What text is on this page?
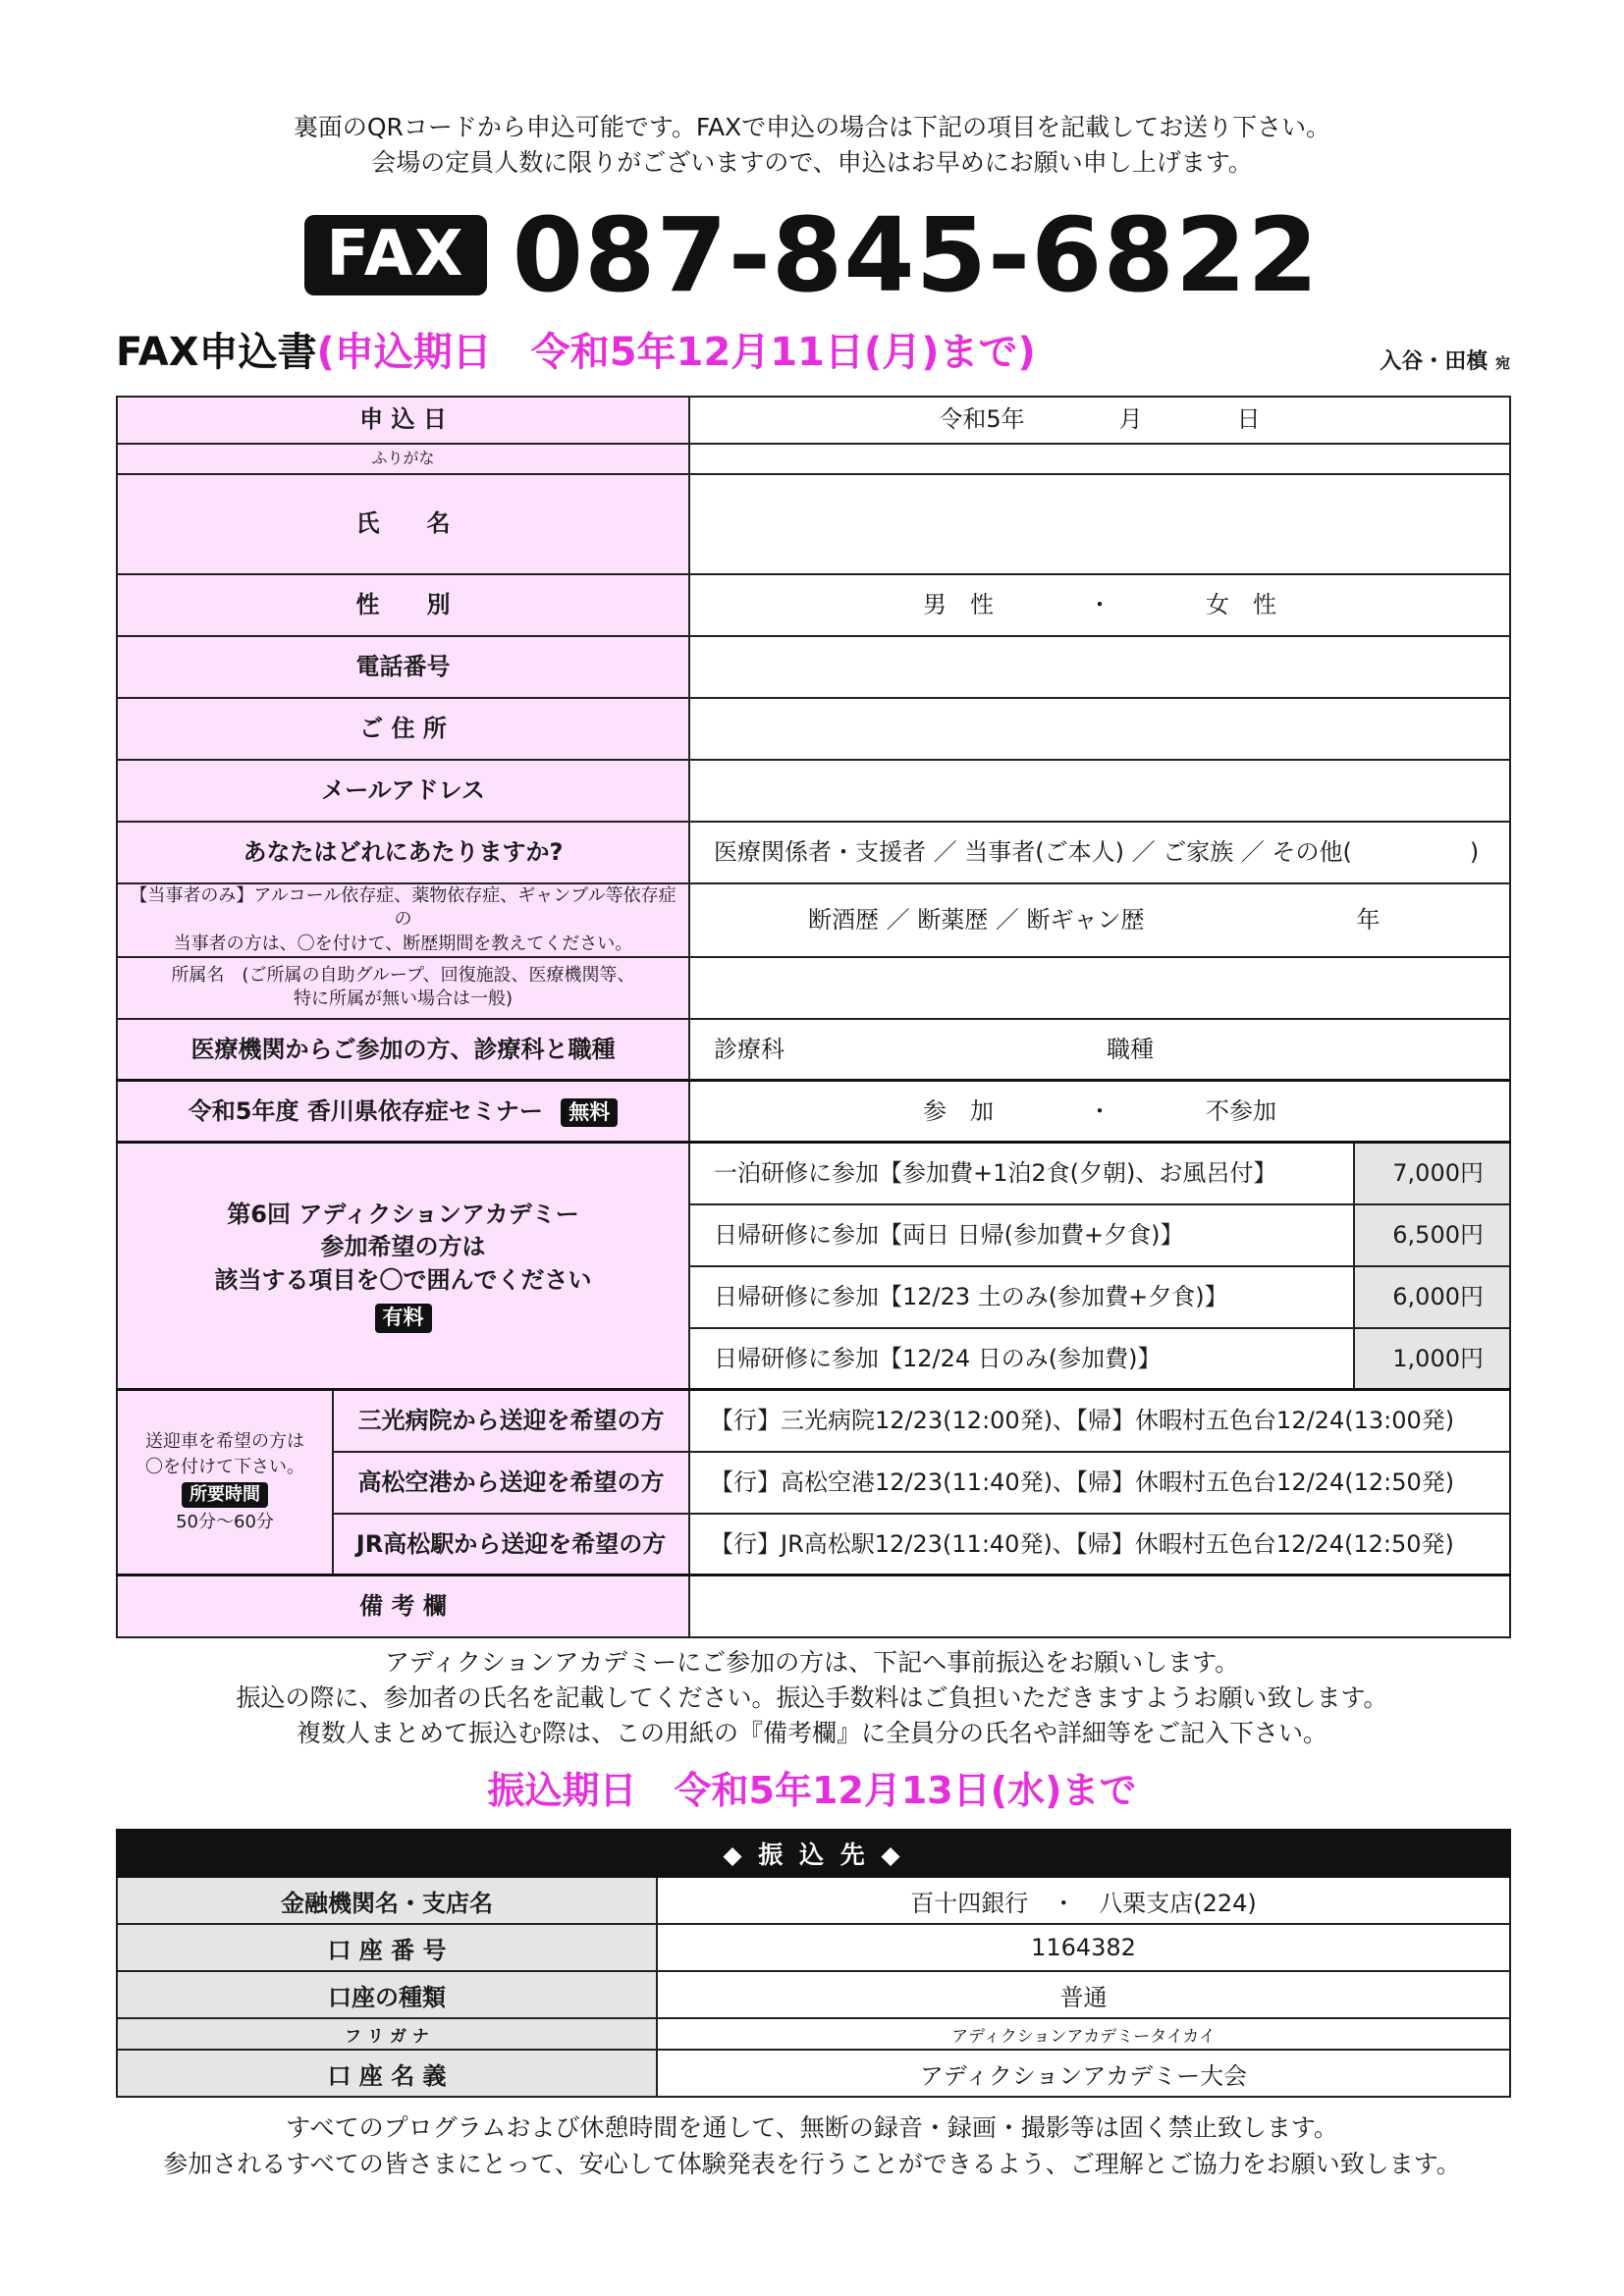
裏面のQRコードから申込可能です。FAXで申込の場合は下記の項目を記載してお送り下さい。
会場の定員人数に限りがございますので、申込はお早めにお願い申し上げます。
FAX 087-845-6822
FAX申込書(申込期日　令和5年12月11日(月)まで)	入谷・田槙 宛
申 込 日		令和5年　　　　月　　　　日	
ふりがな			
氏　　名			
性　　別		男　性　　　　・　　　　女　性	
電話番号			
ご 住 所			
メールアドレス			
あなたはどれにあたりますか?		医療関係者・支援者 ／ 当事者(ご本人) ／ ご家族 ／ その他(　　　　　)	

【当事者のみ】アルコール依存症、薬物依存症、ギャンブル等依存症の
当事者の方は、〇を付けて、断歴期間を教えてください。		断酒歴 ／ 断薬歴 ／ 断ギャン歴　　　　　　　　　年	

所属名　(ご所属の自助グループ、回復施設、医療機関等、
特に所属が無い場合は一般)			

医療機関からご参加の方、診療科と職種		診療科 職種	
令和5年度 香川県依存症セミナー 無料		参　加　　　　・　　　　不参加	

第6回 アディクションアカデミー
参加希望の方は
該当する項目を〇で囲んでください
有料		一泊研修に参加【参加費+1泊2食(夕朝)、お風呂付】	7,000円
		日帰研修に参加【両日 日帰(参加費+夕食)】	6,500円
		日帰研修に参加【12/23 土のみ(参加費+夕食)】	6,000円
		日帰研修に参加【12/24 日のみ(参加費)】	1,000円

送迎車を希望の方は
〇を付けて下さい。
所要時間
50分〜60分	三光病院から送迎を希望の方	【行】三光病院12/23(12:00発)、【帰】休暇村五色台12/24(13:00発)	
	高松空港から送迎を希望の方	【行】高松空港12/23(11:40発)、【帰】休暇村五色台12/24(12:50発)	
	JR高松駅から送迎を希望の方	【行】JR高松駅12/23(11:40発)、【帰】休暇村五色台12/24(12:50発)	
備 考 欄			
アディクションアカデミーにご参加の方は、下記へ事前振込をお願いします。
振込の際に、参加者の氏名を記載してください。振込手数料はご負担いただきますようお願い致します。
複数人まとめて振込む際は、この用紙の『備考欄』に全員分の氏名や詳細等をご記入下さい。
振込期日　令和5年12月13日(水)まで
◆ 振 込 先 ◆	
金融機関名・支店名	百十四銀行　・　八栗支店(224)
口 座 番 号	1164382
口座の種類	普通
フ リ ガ ナ	アディクションアカデミータイカイ
口 座 名 義	アディクションアカデミー大会
すべてのプログラムおよび休憩時間を通して、無断の録音・録画・撮影等は固く禁止致します。
参加されるすべての皆さまにとって、安心して体験発表を行うことができるよう、ご理解とご協力をお願い致します。
